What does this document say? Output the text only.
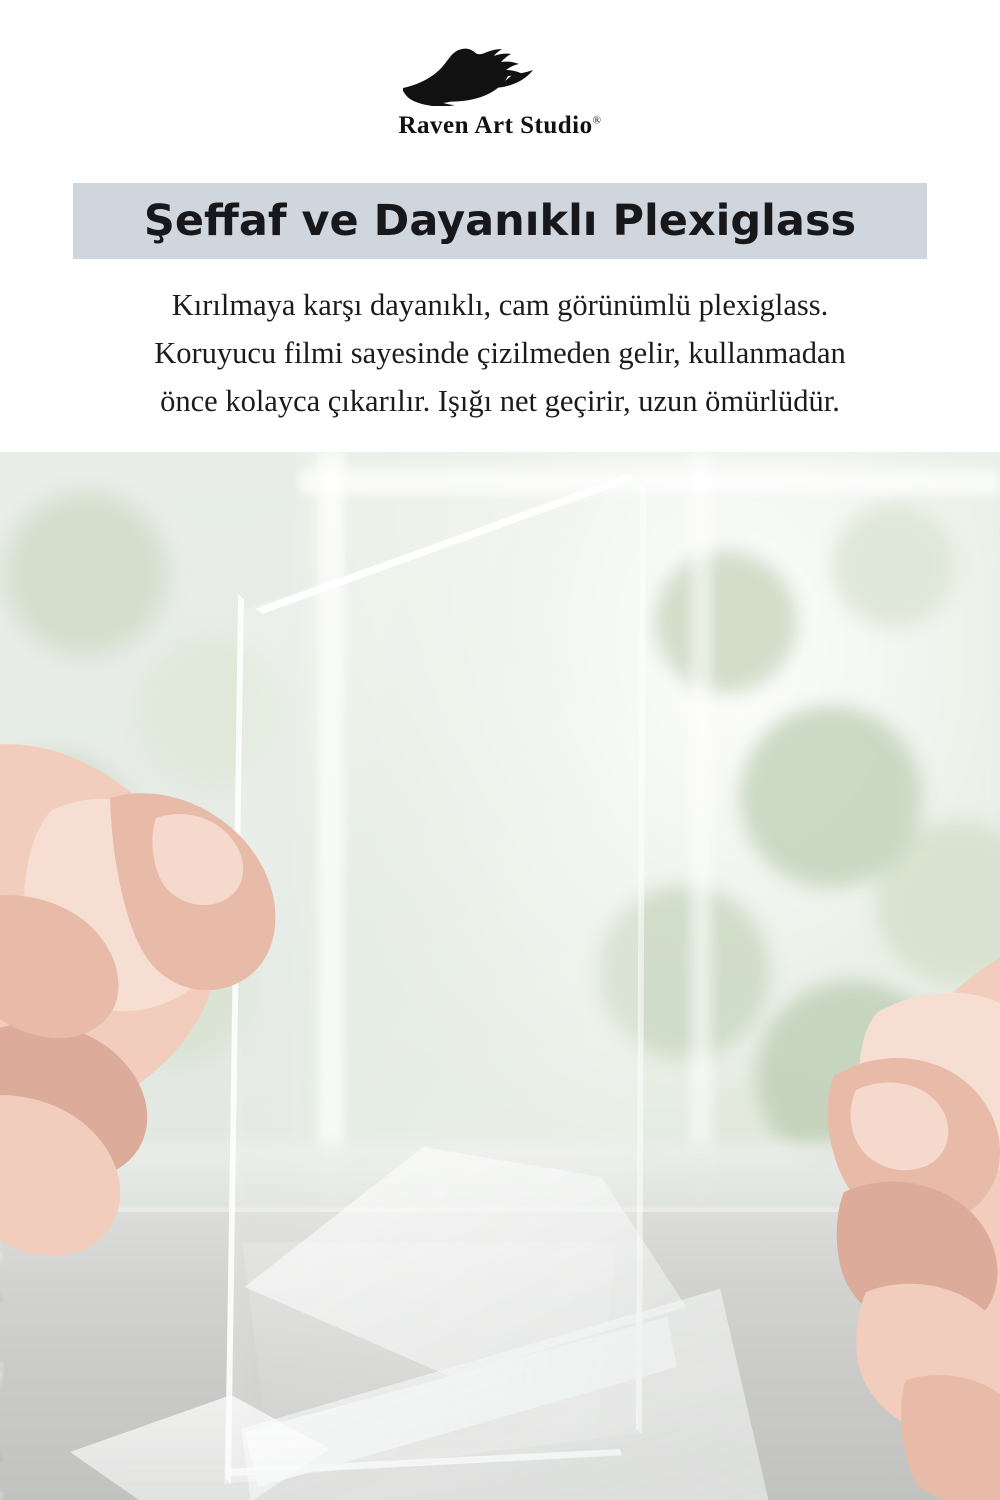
Raven Art Studio®
Şeffaf ve Dayanıklı Plexiglass
Kırılmaya karşı dayanıklı, cam görünümlü plexiglass.
Koruyucu filmi sayesinde çizilmeden gelir, kullanmadan
önce kolayca çıkarılır. Işığı net geçirir, uzun ömürlüdür.
